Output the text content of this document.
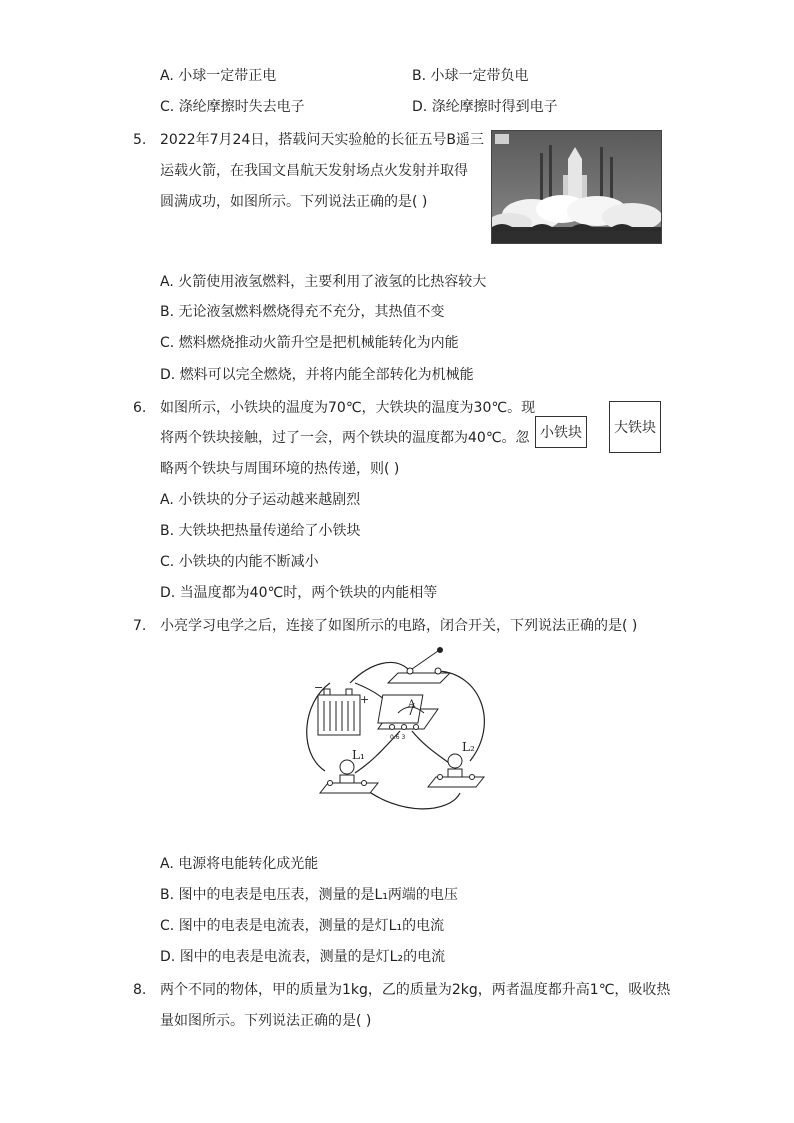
A. 小球一定带正电	B. 小球一定带负电
C. 涤纶摩擦时失去电子	D. 涤纶摩擦时得到电子
5. 2022年7月24日，搭载问天实验舱的长征五号B遥三
运载火箭，在我国文昌航天发射场点火发射并取得
圆满成功，如图所示。下列说法正确的是( )
A. 火箭使用液氢燃料，主要利用了液氢的比热容较大
B. 无论液氢燃料燃烧得充不充分，其热值不变
C. 燃料燃烧推动火箭升空是把机械能转化为内能
D. 燃料可以完全燃烧，并将内能全部转化为机械能
6. 如图所示，小铁块的温度为70℃，大铁块的温度为30℃。现
将两个铁块接触，过了一会，两个铁块的温度都为40℃。忽
略两个铁块与周围环境的热传递，则( )
小铁块	大铁块
A. 小铁块的分子运动越来越剧烈
B. 大铁块把热量传递给了小铁块
C. 小铁块的内能不断减小
D. 当温度都为40℃时，两个铁块的内能相等
7. 小亮学习电学之后，连接了如图所示的电路，闭合开关，下列说法正确的是( )
−
+	A
0.6 3
L₁
L₂
A. 电源将电能转化成光能
B. 图中的电表是电压表，测量的是L₁两端的电压
C. 图中的电表是电流表，测量的是灯L₁的电流
D. 图中的电表是电流表，测量的是灯L₂的电流
8. 两个不同的物体，甲的质量为1kg，乙的质量为2kg，两者温度都升高1℃，吸收热
量如图所示。下列说法正确的是( )
